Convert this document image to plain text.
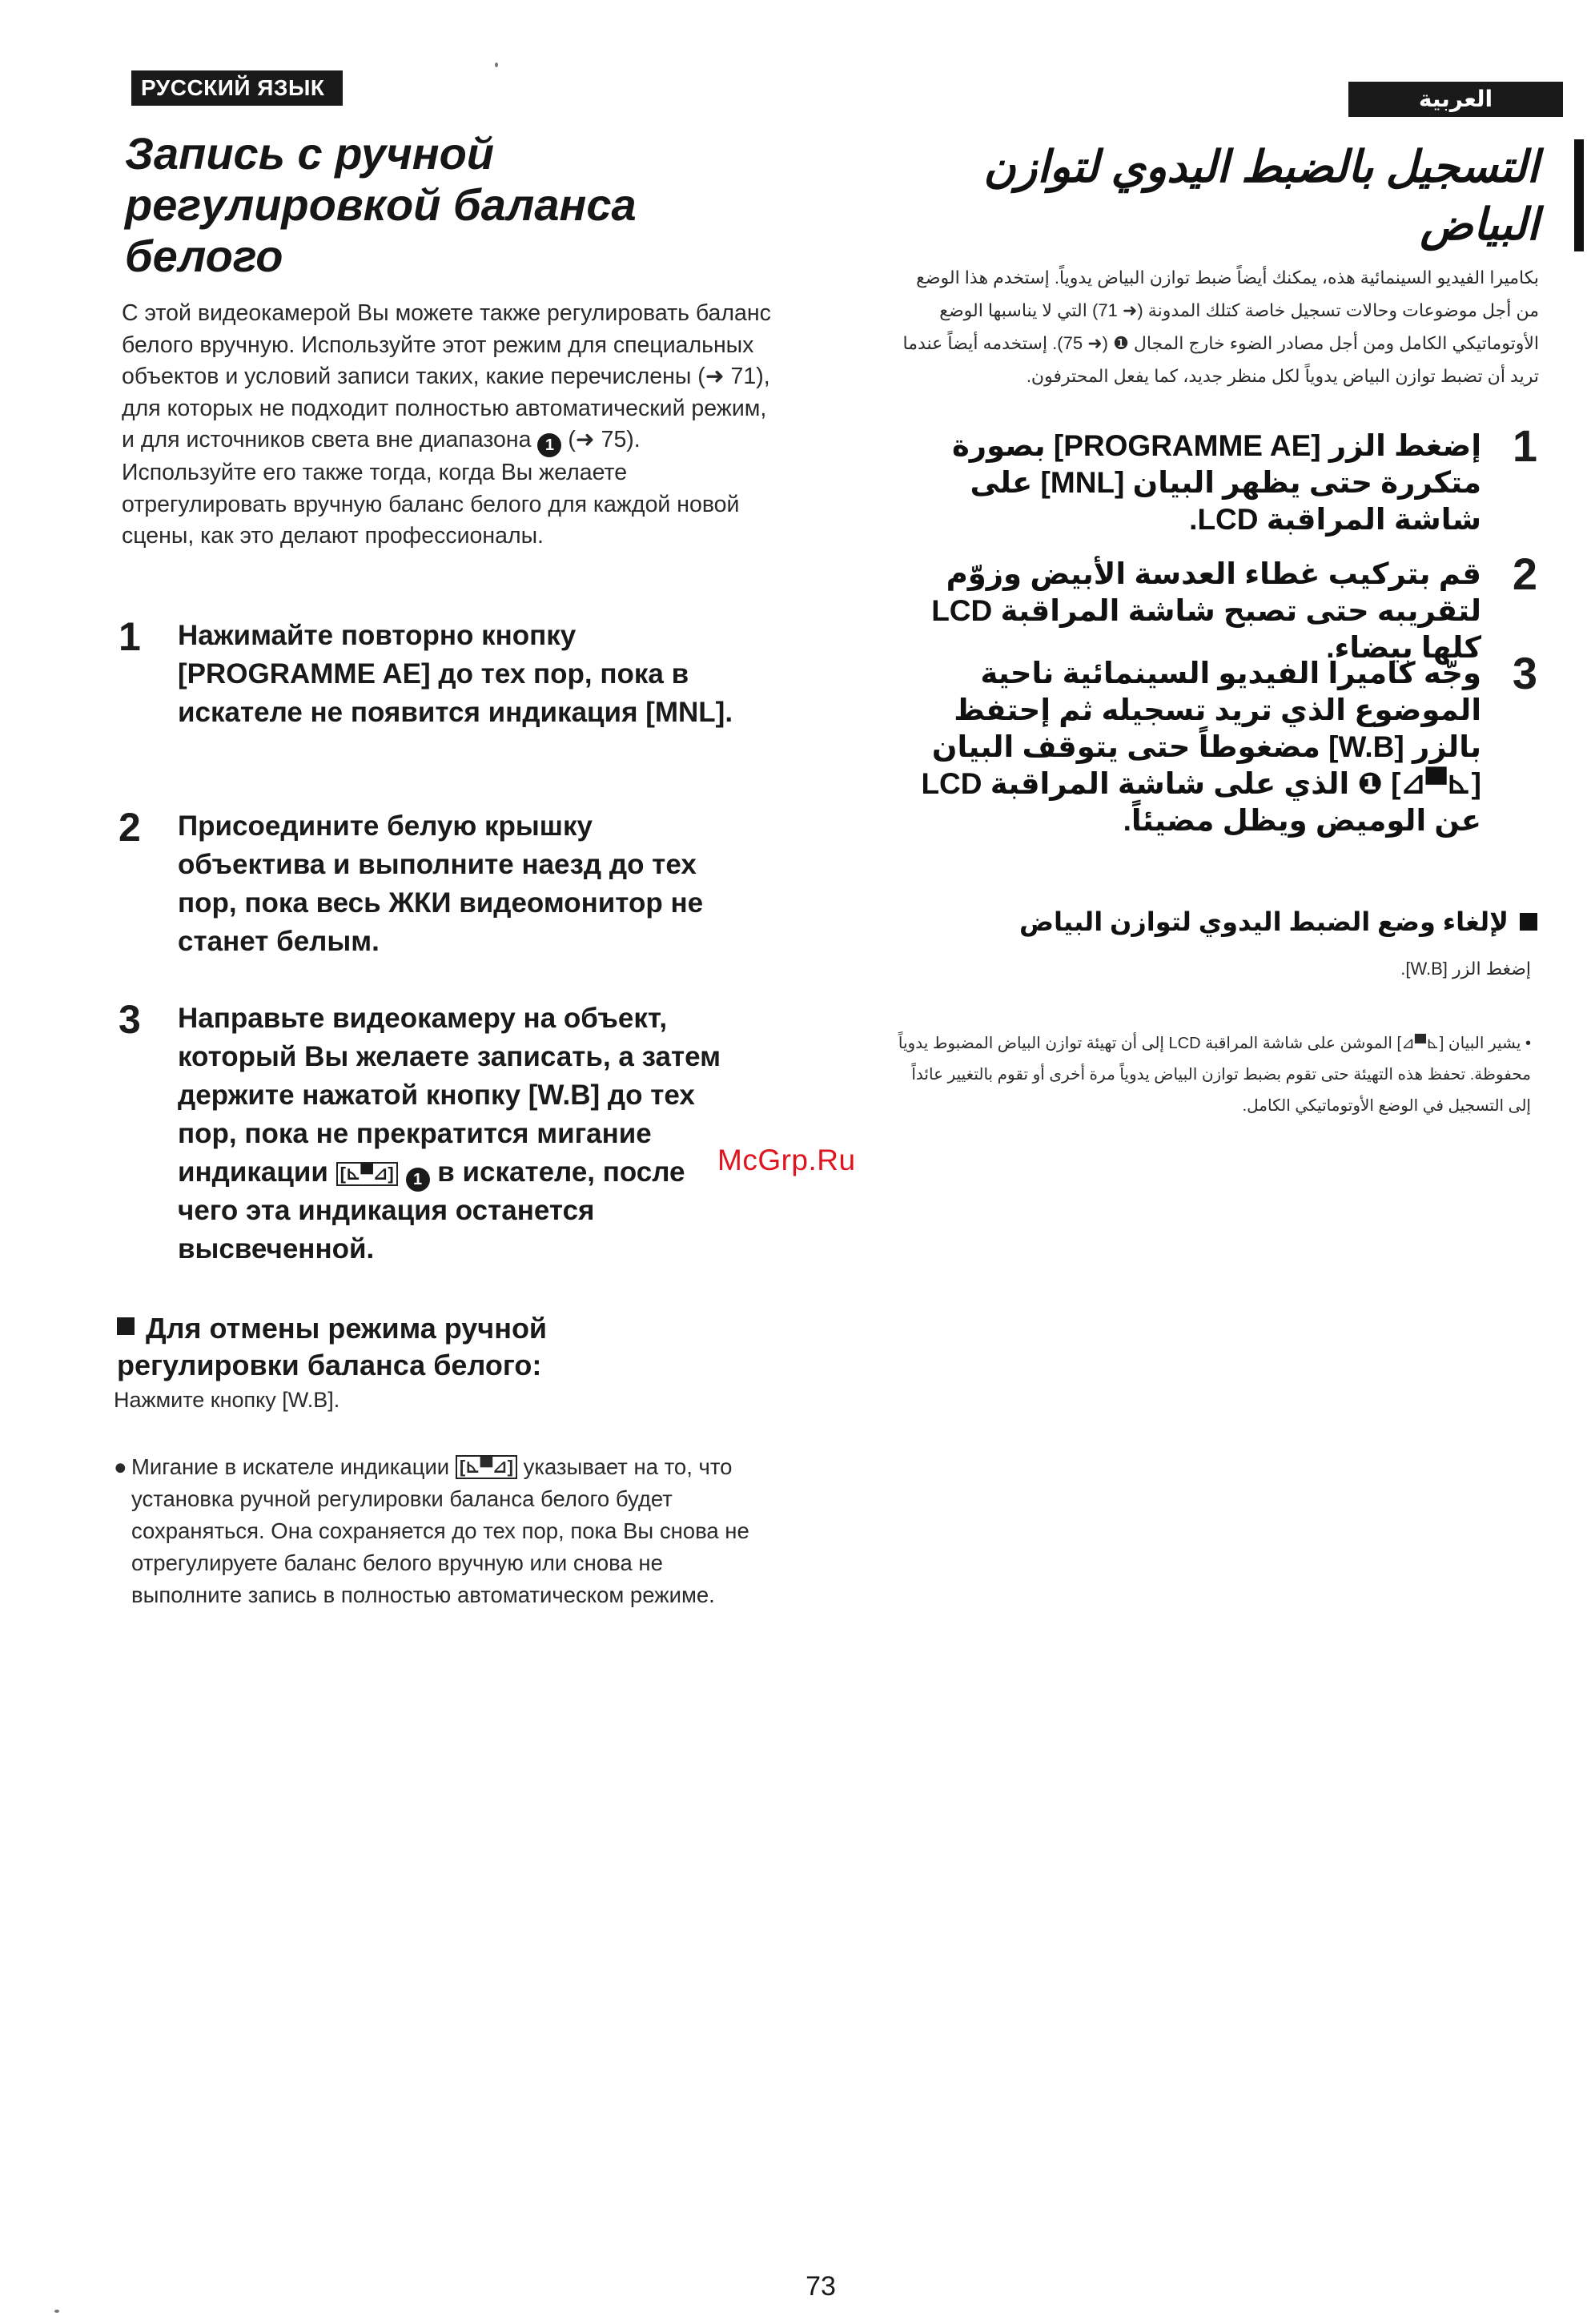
РУССКИЙ ЯЗЫК
Запись с ручной регулировкой баланса белого
С этой видеокамерой Вы можете также регулировать баланс белого вручную. Используйте этот режим для специальных объектов и условий записи таких, какие перечислены (➜ 71), для которых не подходит полностью автоматический режим, и для источников света вне диапазона 1 (➜ 75). Используйте его также тогда, когда Вы желаете отрегулировать вручную баланс белого для каждой новой сцены, как это делают профессионалы.
1 Нажимайте повторно кнопку [PROGRAMME AE] до тех пор, пока в искателе не появится индикация [MNL].
2 Присоедините белую крышку объектива и выполните наезд до тех пор, пока весь ЖКИ видеомонитор не станет белым.
3 Направьте видеокамеру на объект, который Вы желаете записать, а затем держите нажатой кнопку [W.B] до тех пор, пока не прекратится мигание индикации [⊾▀⊿] 1 в искателе, после чего эта индикация останется высвеченной.
Для отмены режима ручной регулировки баланса белого:
Нажмите кнопку [W.B].
● Мигание в искателе индикации [⊾▀⊿] указывает на то, что установка ручной регулировки баланса белого будет сохраняться. Она сохраняется до тех пор, пока Вы снова не отрегулируете баланс белого вручную или снова не выполните запись в полностью автоматическом режиме.
McGrp.Ru
العربية
التسجيل بالضبط اليدوي لتوازن البياض
بكاميرا الفيديو السينمائية هذه، يمكنك أيضاً ضبط توازن البياض يدوياً. إستخدم هذا الوضع من أجل موضوعات وحالات تسجيل خاصة كتلك المدونة (➜ 71) التي لا يناسبها الوضع الأوتوماتيكي الكامل ومن أجل مصادر الضوء خارج المجال ❶ (➜ 75). إستخدمه أيضاً عندما تريد أن تضبط توازن البياض يدوياً لكل منظر جديد، كما يفعل المحترفون.
1
إضغط الزر [PROGRAMME AE] بصورة متكررة حتى يظهر البيان [MNL] على شاشة المراقبة LCD.
2
قم بتركيب غطاء العدسة الأبيض وزوّم لتقريبه حتى تصبح شاشة المراقبة LCD كلها بيضاء.
3
وجّه كاميرا الفيديو السينمائية ناحية الموضوع الذي تريد تسجيله ثم إحتفظ بالزر [W.B] مضغوطاً حتى يتوقف البيان [⊾▀⊿] ❶ الذي على شاشة المراقبة LCD عن الوميض ويظل مضيئاً.
لإلغاء وضع الضبط اليدوي لتوازن البياض
إضغط الزر [W.B].
• يشير البيان [⊾▀⊿] الموشن على شاشة المراقبة LCD إلى أن تهيئة توازن البياض المضبوط يدوياً محفوظة. تحفظ هذه التهيئة حتى تقوم بضبط توازن البياض يدوياً مرة أخرى أو تقوم بالتغيير عائداً إلى التسجيل في الوضع الأوتوماتيكي الكامل.
73
